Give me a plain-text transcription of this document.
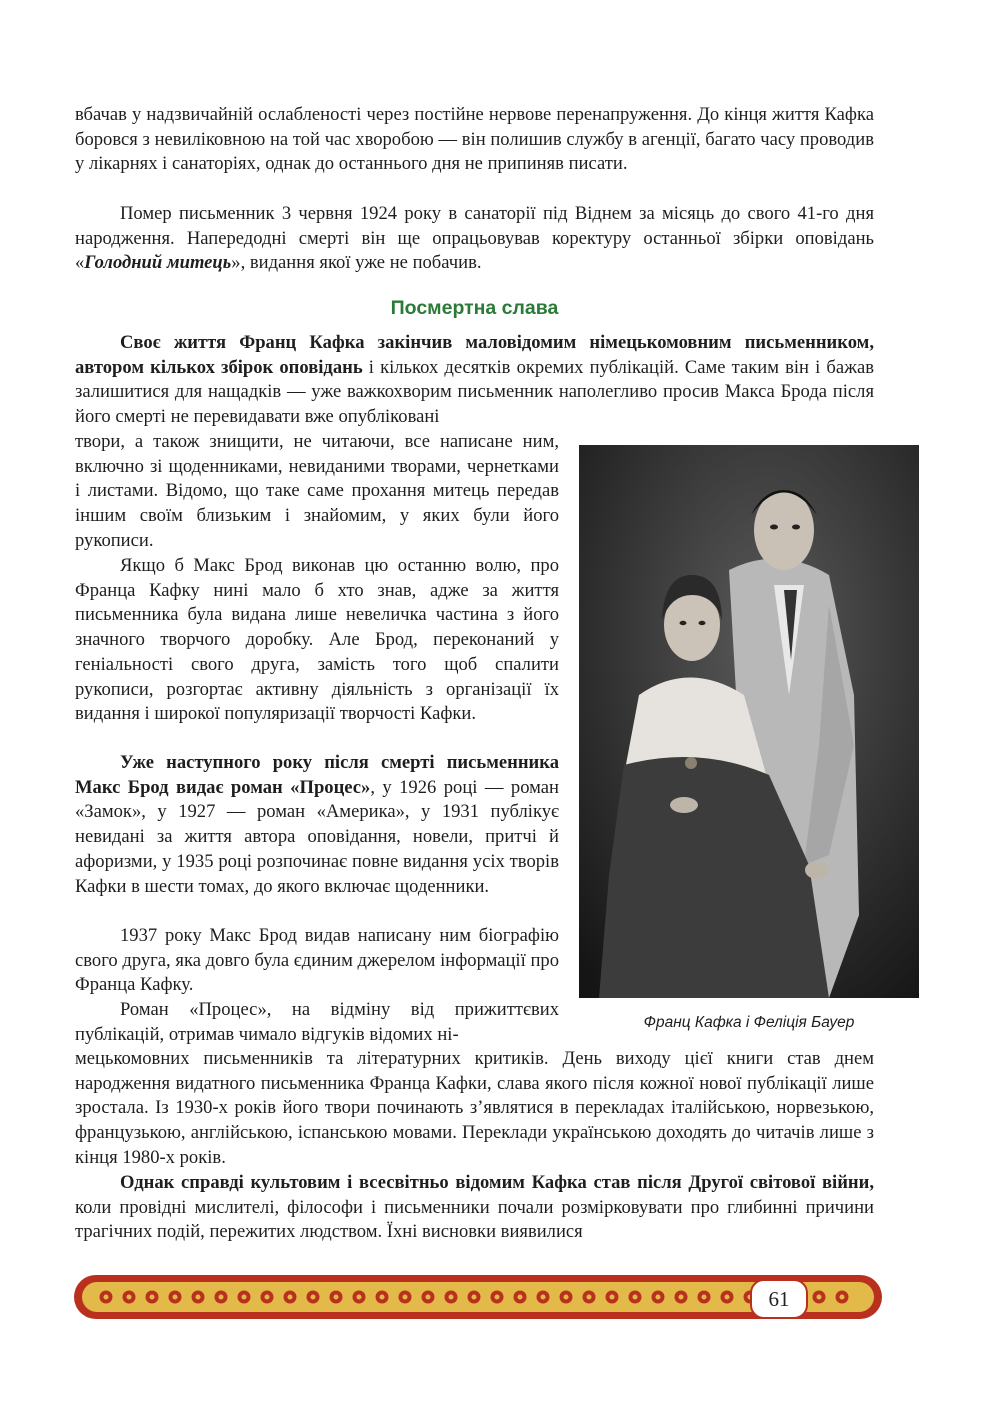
вбачав у надзвичайній ослабленості через постійне нервове перенапруження. До кінця життя Кафка боровся з невиліковною на той час хворобою — він полишив службу в агенції, багато часу проводив у лікарнях і санаторіях, однак до останнього дня не припиняв писати.

Помер письменник 3 червня 1924 року в санаторії під Віднем за місяць до свого 41-го дня народження. Напередодні смерті він ще опрацьовував коректуру останньої збірки оповідань «Голодний митець», видання якої уже не побачив.

Посмертна слава

Своє життя Франц Кафка закінчив маловідомим німецькомовним письменником, автором кількох збірок оповідань і кількох десятків окремих публікацій. Саме таким він і бажав залишитися для нащадків — уже важкохворим письменник наполегливо просив Макса Брода після його смерті не перевидавати вже опубліковані

твори, а також знищити, не читаючи, все написане ним, включно зі щоденниками, невиданими творами, чернетками і листами. Відомо, що таке саме прохання митець передав іншим своїм близьким і знайомим, у яких були його рукописи.

Якщо б Макс Брод виконав цю останню волю, про Франца Кафку нині мало б хто знав, адже за життя письменника була видана лише невеличка частина з його значного творчого доробку. Але Брод, переконаний у геніальності свого друга, замість того щоб спалити рукописи, розгортає активну діяльність з організації їх видання і широкої популяризації творчості Кафки.

Уже наступного року після смерті письменника Макс Брод видає роман «Процес», у 1926 році — роман «Замок», у 1927 — роман «Америка», у 1931 публікує невидані за життя автора оповідання, новели, притчі й афоризми, у 1935 році розпочинає повне видання усіх творів Кафки в шести томах, до якого включає щоденники.

1937 року Макс Брод видав написану ним біографію свого друга, яка довго була єдиним джерелом інформації про Франца Кафку.

Роман «Процес», на відміну від прижиттєвих публікацій, отримав чимало відгуків відомих ні-

мецькомовних письменників та літературних критиків. День виходу цієї книги став днем народження видатного письменника Франца Кафки, слава якого після кожної нової публікації лише зростала. Із 1930-х років його твори починають з’являтися в перекладах італійською, норвезькою, французькою, англійською, іспанською мовами. Переклади українською доходять до читачів лише з кінця 1980-х років.

Однак справді культовим і всесвітньо відомим Кафка став після Другої світової війни, коли провідні мислителі, філософи і письменники почали розмірковувати про глибинні причини трагічних подій, пережитих людством. Їхні висновки виявилися

Франц Кафка і Феліція Бауер

61
